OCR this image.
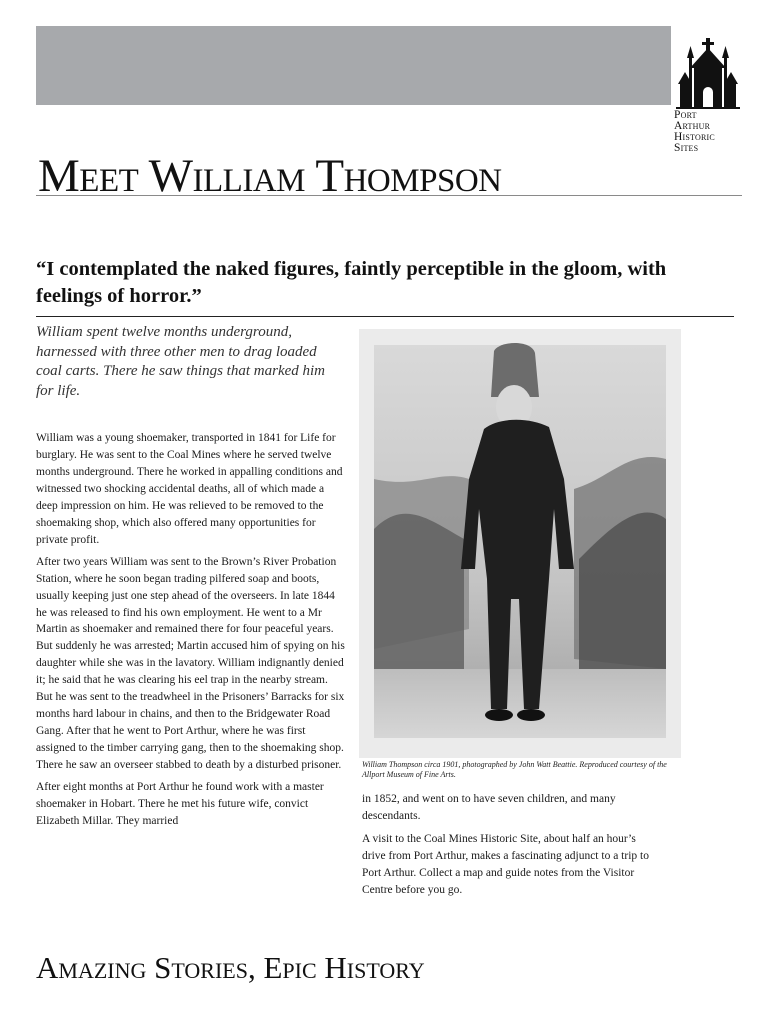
Port
Arthur
Historic
Sites
Meet William Thompson

“I contemplated the naked figures, faintly perceptible in the gloom, with feelings of horror.”

William spent twelve months underground, harnessed with three other men to drag loaded coal carts. There he saw things that marked him for life.

William was a young shoemaker, transported in 1841 for Life for burglary. He was sent to the Coal Mines where he served twelve months underground. There he worked in appalling conditions and witnessed two shocking accidental deaths, all of which made a deep impression on him. He was relieved to be removed to the shoemaking shop, which also offered many opportunities for private profit.

After two years William was sent to the Brown’s River Probation Station, where he soon began trading pilfered soap and boots, usually keeping just one step ahead of the overseers. In late 1844 he was released to find his own employment. He went to a Mr Martin as shoemaker and remained there for four peaceful years. But suddenly he was arrested; Martin accused him of spying on his daughter while she was in the lavatory. William indignantly denied it; he said that he was clearing his eel trap in the nearby stream. But he was sent to the treadwheel in the Prisoners’ Barracks for six months hard labour in chains, and then to the Bridgewater Road Gang. After that he went to Port Arthur, where he was first assigned to the timber carrying gang, then to the shoemaking shop. There he saw an overseer stabbed to death by a disturbed prisoner.

After eight months at Port Arthur he found work with a master shoemaker in Hobart. There he met his future wife, convict Elizabeth Millar. They married

William Thompson circa 1901, photographed by John Watt Beattie. Reproduced courtesy of the Allport Museum of Fine Arts.

in 1852, and went on to have seven children, and many descendants.

A visit to the Coal Mines Historic Site, about half an hour’s drive from Port Arthur, makes a fascinating adjunct to a trip to Port Arthur. Collect a map and guide notes from the Visitor Centre before you go.

Amazing Stories, Epic History
